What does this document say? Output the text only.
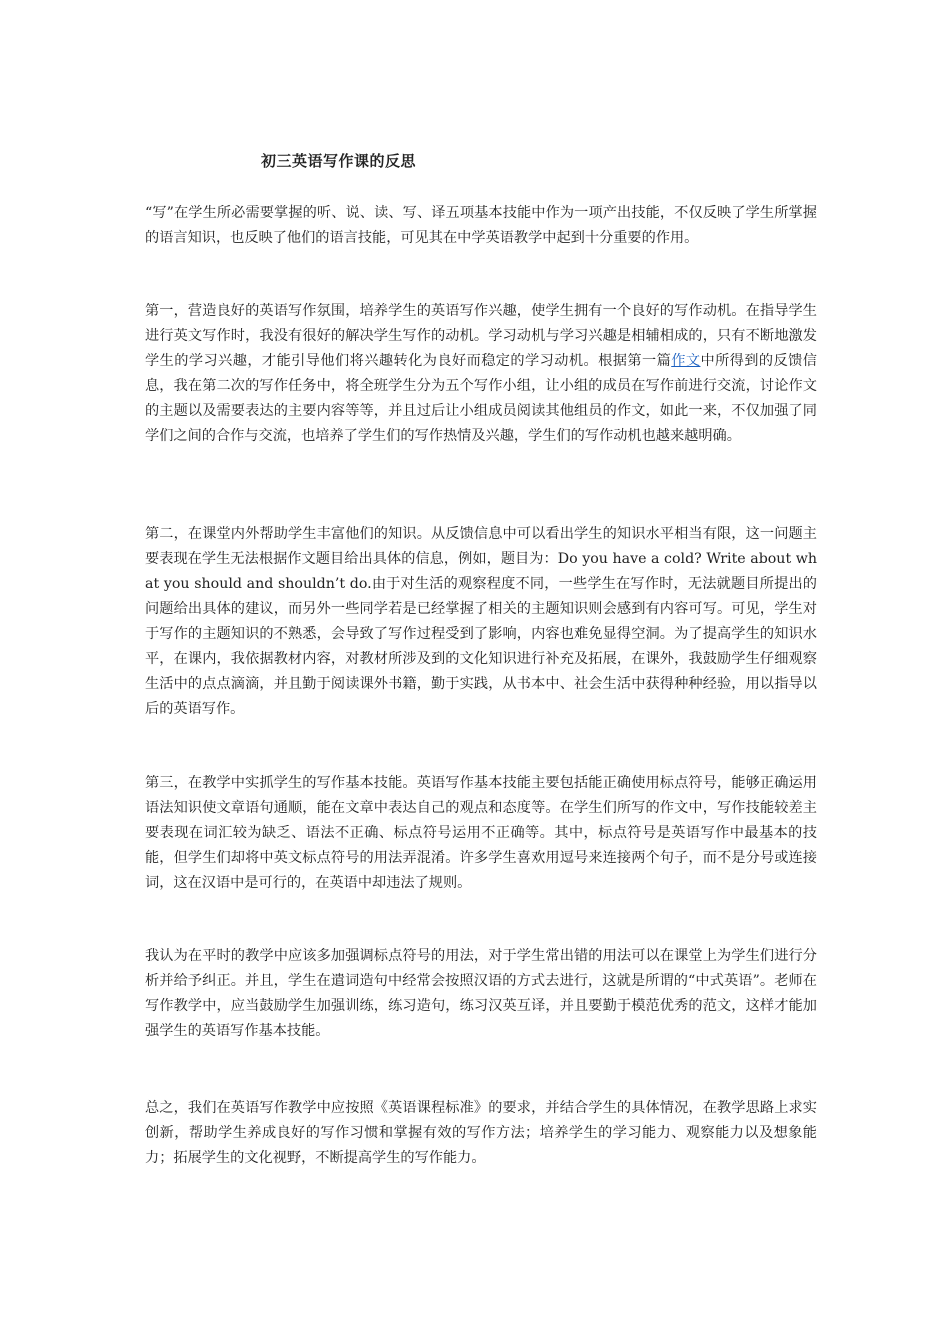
初三英语写作课的反思

“写”在学生所必需要掌握的听、说、读、写、译五项基本技能中作为一项产出技能，不仅反映了学生所掌握的语言知识，也反映了他们的语言技能，可见其在中学英语教学中起到十分重要的作用。

第一，营造良好的英语写作氛围，培养学生的英语写作兴趣，使学生拥有一个良好的写作动机。在指导学生进行英文写作时，我没有很好的解决学生写作的动机。学习动机与学习兴趣是相辅相成的，只有不断地激发学生的学习兴趣，才能引导他们将兴趣转化为良好而稳定的学习动机。根据第一篇作文中所得到的反馈信息，我在第二次的写作任务中，将全班学生分为五个写作小组，让小组的成员在写作前进行交流，讨论作文的主题以及需要表达的主要内容等等，并且过后让小组成员阅读其他组员的作文，如此一来，不仅加强了同学们之间的合作与交流，也培养了学生们的写作热情及兴趣，学生们的写作动机也越来越明确。

第二，在课堂内外帮助学生丰富他们的知识。从反馈信息中可以看出学生的知识水平相当有限，这一问题主要表现在学生无法根据作文题目给出具体的信息，例如，题目为：Do you have a cold? Write about what you should and shouldn’t do.由于对生活的观察程度不同，一些学生在写作时，无法就题目所提出的问题给出具体的建议，而另外一些同学若是已经掌握了相关的主题知识则会感到有内容可写。可见，学生对于写作的主题知识的不熟悉，会导致了写作过程受到了影响，内容也难免显得空洞。为了提高学生的知识水平，在课内，我依据教材内容，对教材所涉及到的文化知识进行补充及拓展，在课外，我鼓励学生仔细观察生活中的点点滴滴，并且勤于阅读课外书籍，勤于实践，从书本中、社会生活中获得种种经验，用以指导以后的英语写作。

第三，在教学中实抓学生的写作基本技能。英语写作基本技能主要包括能正确使用标点符号，能够正确运用语法知识使文章语句通顺，能在文章中表达自己的观点和态度等。在学生们所写的作文中，写作技能较差主要表现在词汇较为缺乏、语法不正确、标点符号运用不正确等。其中，标点符号是英语写作中最基本的技能，但学生们却将中英文标点符号的用法弄混淆。许多学生喜欢用逗号来连接两个句子，而不是分号或连接词，这在汉语中是可行的，在英语中却违法了规则。

我认为在平时的教学中应该多加强调标点符号的用法，对于学生常出错的用法可以在课堂上为学生们进行分析并给予纠正。并且，学生在遣词造句中经常会按照汉语的方式去进行，这就是所谓的“中式英语”。老师在写作教学中，应当鼓励学生加强训练，练习造句，练习汉英互译，并且要勤于模范优秀的范文，这样才能加强学生的英语写作基本技能。

总之，我们在英语写作教学中应按照《英语课程标准》的要求，并结合学生的具体情况，在教学思路上求实创新，帮助学生养成良好的写作习惯和掌握有效的写作方法；培养学生的学习能力、观察能力以及想象能力；拓展学生的文化视野，不断提高学生的写作能力。
